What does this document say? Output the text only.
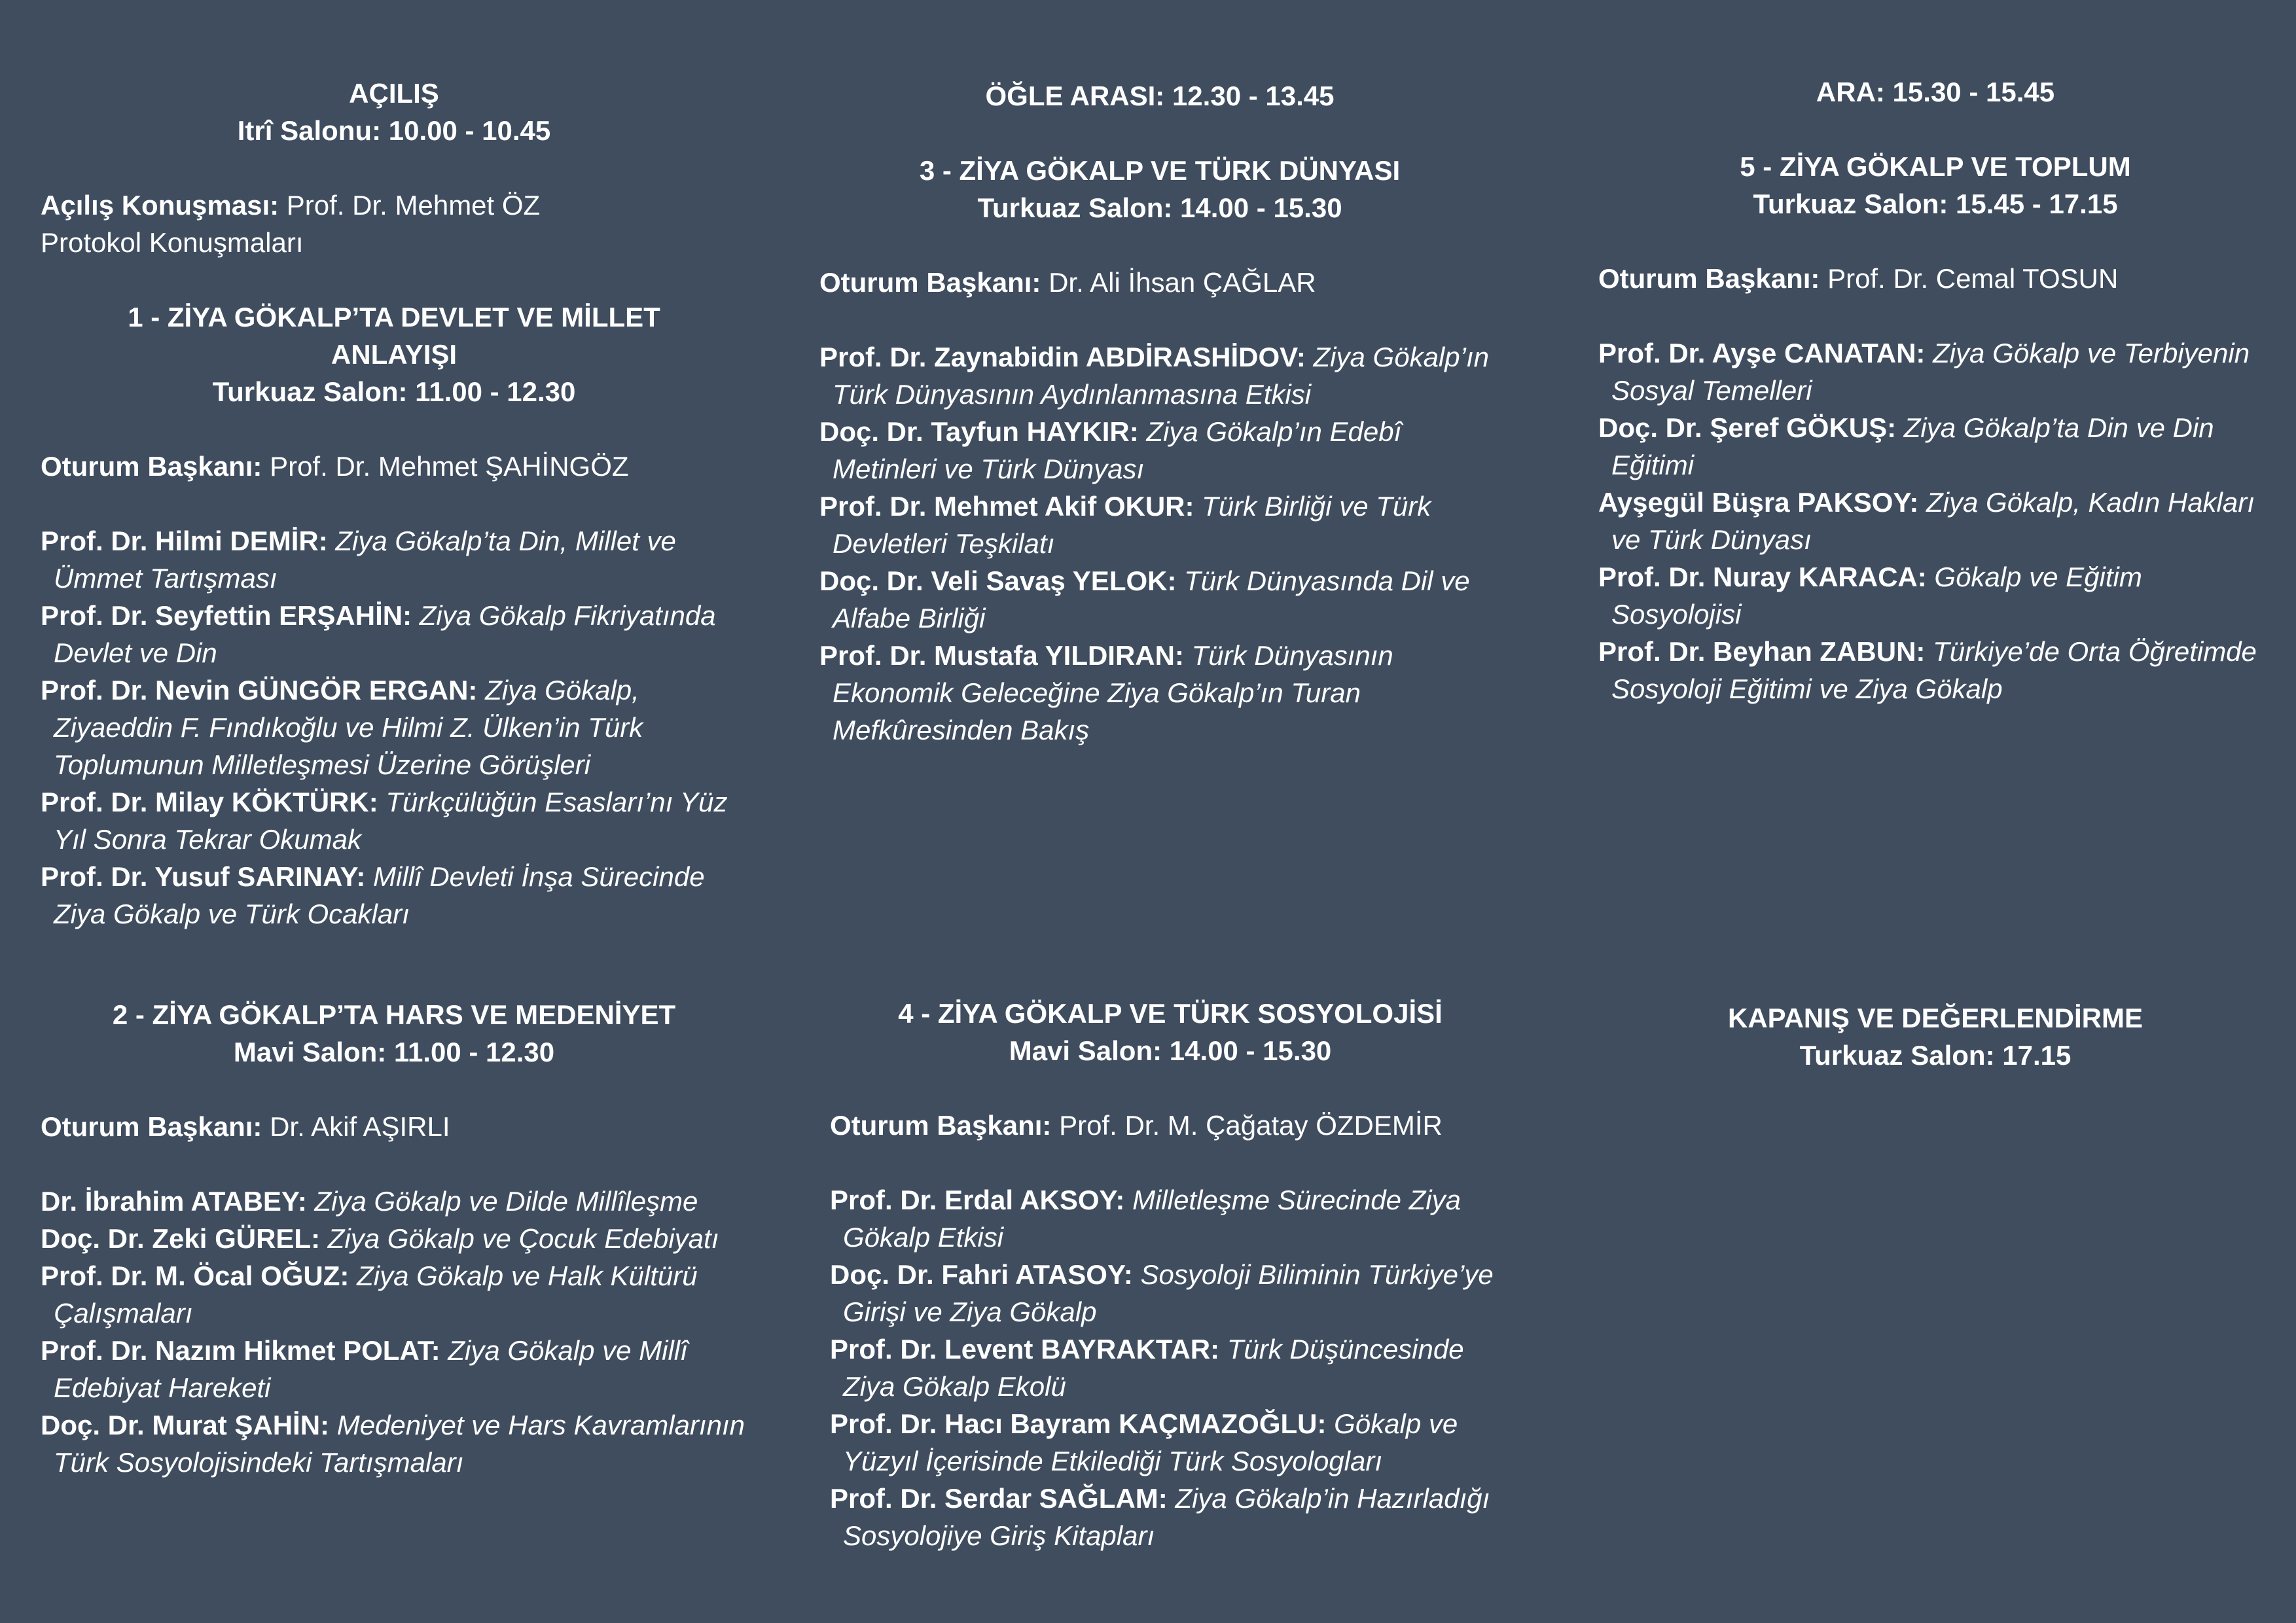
AÇILIŞ

Itrî Salonu: 10.00 - 10.45

Açılış Konuşması: Prof. Dr. Mehmet ÖZ

Protokol Konuşmaları

1 - ZİYA GÖKALP’TA DEVLET VE MİLLET

ANLAYIŞI

Turkuaz Salon: 11.00 - 12.30

Oturum Başkanı: Prof. Dr. Mehmet ŞAHİNGÖZ

Prof. Dr. Hilmi DEMİR: Ziya Gökalp’ta Din, Millet ve Ümmet Tartışması

Prof. Dr. Seyfettin ERŞAHİN: Ziya Gökalp Fikriyatında Devlet ve Din

Prof. Dr. Nevin GÜNGÖR ERGAN: Ziya Gökalp, Ziyaeddin F. Fındıkoğlu ve Hilmi Z. Ülken’in Türk Toplumunun Milletleşmesi Üzerine Görüşleri

Prof. Dr. Milay KÖKTÜRK: Türkçülüğün Esasları’nı Yüz Yıl Sonra Tekrar Okumak

Prof. Dr. Yusuf SARINAY: Millî Devleti İnşa Sürecinde Ziya Gökalp ve Türk Ocakları

ÖĞLE ARASI: 12.30 - 13.45

3 - ZİYA GÖKALP VE TÜRK DÜNYASI

Turkuaz Salon: 14.00 - 15.30

Oturum Başkanı: Dr. Ali İhsan ÇAĞLAR

Prof. Dr. Zaynabidin ABDİRASHİDOV: Ziya Gökalp’ın Türk Dünyasının Aydınlanmasına Etkisi

Doç. Dr. Tayfun HAYKIR: Ziya Gökalp’ın Edebî Metinleri ve Türk Dünyası

Prof. Dr. Mehmet Akif OKUR: Türk Birliği ve Türk Devletleri Teşkilatı

Doç. Dr. Veli Savaş YELOK: Türk Dünyasında Dil ve Alfabe Birliği

Prof. Dr. Mustafa YILDIRAN: Türk Dünyasının Ekonomik Geleceğine Ziya Gökalp’ın Turan Mefkûresinden Bakış

ARA: 15.30 - 15.45

5 - ZİYA GÖKALP VE TOPLUM

Turkuaz Salon: 15.45 - 17.15

Oturum Başkanı: Prof. Dr. Cemal TOSUN

Prof. Dr. Ayşe CANATAN: Ziya Gökalp ve Terbiyenin Sosyal Temelleri

Doç. Dr. Şeref GÖKUŞ: Ziya Gökalp’ta Din ve Din Eğitimi

Ayşegül Büşra PAKSOY: Ziya Gökalp, Kadın Hakları ve Türk Dünyası

Prof. Dr. Nuray KARACA: Gökalp ve Eğitim Sosyolojisi

Prof. Dr. Beyhan ZABUN: Türkiye’de Orta Öğretimde Sosyoloji Eğitimi ve Ziya Gökalp

2 - ZİYA GÖKALP’TA HARS VE MEDENİYET

Mavi Salon: 11.00 - 12.30

Oturum Başkanı: Dr. Akif AŞIRLI

Dr. İbrahim ATABEY: Ziya Gökalp ve Dilde Millîleşme

Doç. Dr. Zeki GÜREL: Ziya Gökalp ve Çocuk Edebiyatı

Prof. Dr. M. Öcal OĞUZ: Ziya Gökalp ve Halk Kültürü Çalışmaları

Prof. Dr. Nazım Hikmet POLAT: Ziya Gökalp ve Millî Edebiyat Hareketi

Doç. Dr. Murat ŞAHİN: Medeniyet ve Hars Kavramlarının Türk Sosyolojisindeki Tartışmaları

4 - ZİYA GÖKALP VE TÜRK SOSYOLOJİSİ

Mavi Salon: 14.00 - 15.30

Oturum Başkanı: Prof. Dr. M. Çağatay ÖZDEMİR

Prof. Dr. Erdal AKSOY: Milletleşme Sürecinde Ziya Gökalp Etkisi

Doç. Dr. Fahri ATASOY: Sosyoloji Biliminin Türkiye’ye Girişi ve Ziya Gökalp

Prof. Dr. Levent BAYRAKTAR: Türk Düşüncesinde Ziya Gökalp Ekolü

Prof. Dr. Hacı Bayram KAÇMAZOĞLU: Gökalp ve Yüzyıl İçerisinde Etkilediği Türk Sosyologları

Prof. Dr. Serdar SAĞLAM: Ziya Gökalp’in Hazırladığı Sosyolojiye Giriş Kitapları

KAPANIŞ VE DEĞERLENDİRME

Turkuaz Salon: 17.15
